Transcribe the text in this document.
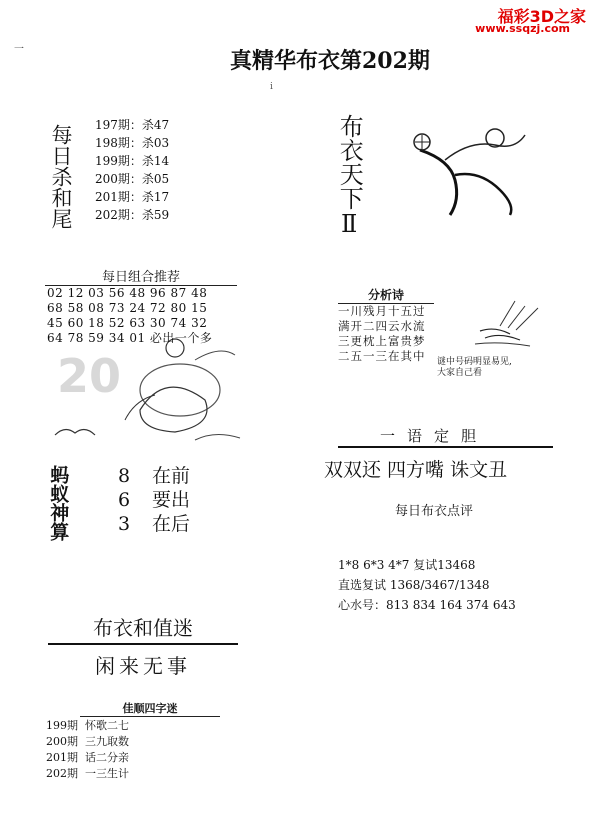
福彩3D之家
www.ssqzj.com
一	真精华布衣第202期
i
每日杀和尾 197期：杀47
198期：杀03
199期：杀14
200期：杀05
201期：杀17
202期：杀59
每日组合推荐
20
02 12 03 56 48 96 87 48
68 58 08 73 24 72 80 15
45 60 18 52 63 30 74 32
64 78 59 34 01 必出一个多
蚂蚁神算	8 在前
6 要出
3 在后
布衣和值迷
闲来无事
佳顺四字迷
199期 怀歌二七
200期 三九取数
201期 话二分亲
202期 一三生计
布衣天下Ⅱ
分析诗
一川残月十五过
满开二四云水流
三更枕上富贵梦
二五一三在其中 谜中号码明显易见,
大家自己看
一语定胆
双双还 四方嘴 诛文丑
每日布衣点评
1*8 6*3 4*7 复试13468
直选复试 1368/3467/1348
心水号：813 834 164 374 643
